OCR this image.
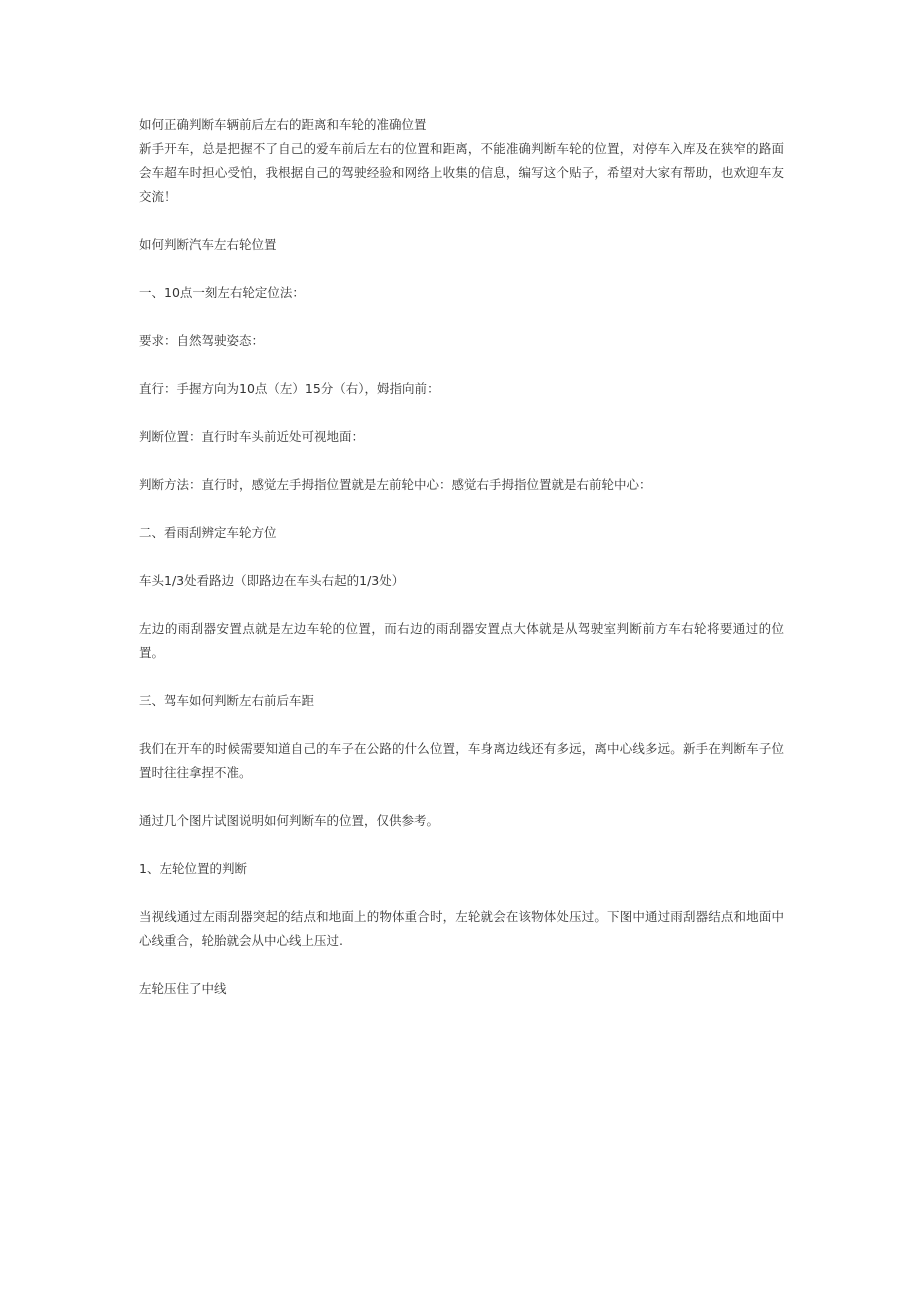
如何正确判断车辆前后左右的距离和车轮的准确位置

新手开车，总是把握不了自己的爱车前后左右的位置和距离，不能准确判断车轮的位置，对停车入库及在狭窄的路面会车超车时担心受怕，我根据自己的驾驶经验和网络上收集的信息，编写这个贴子，希望对大家有帮助，也欢迎车友交流！

如何判断汽车左右轮位置

一、10点一刻左右轮定位法：

要求：自然驾驶姿态：

直行：手握方向为10点（左）15分（右），姆指向前：

判断位置：直行时车头前近处可视地面：

判断方法：直行时，感觉左手拇指位置就是左前轮中心：感觉右手拇指位置就是右前轮中心：

二、看雨刮辨定车轮方位

车头1/3处看路边（即路边在车头右起的1/3处）

左边的雨刮器安置点就是左边车轮的位置，而右边的雨刮器安置点大体就是从驾驶室判断前方车右轮将要通过的位置。

三、驾车如何判断左右前后车距

我们在开车的时候需要知道自己的车子在公路的什么位置，车身离边线还有多远，离中心线多远。新手在判断车子位置时往往拿捏不准。

通过几个图片试图说明如何判断车的位置，仅供参考。

1、左轮位置的判断

当视线通过左雨刮器突起的结点和地面上的物体重合时，左轮就会在该物体处压过。下图中通过雨刮器结点和地面中心线重合，轮胎就会从中心线上压过.

左轮压住了中线
